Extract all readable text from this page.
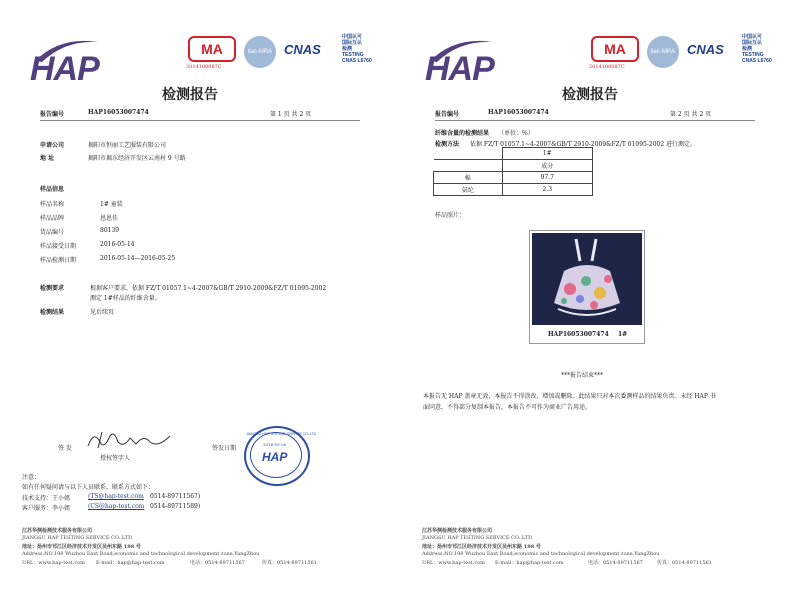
HAP
MA
2014100087C
ilac-MRA CNAS
中国认可
国际互认
检测
TESTING
CNAS L6760
检测报告
报告编号	HAP16053007474	第 1 页 共 2 页
申请公司	揭阳市恒丽工艺服装有限公司
地 址	揭阳市揭东经济开发区云南村 9 号路
样品信息
样品名称	1# 童装
样品品牌	恩恩佳
货品编号	80139
样品接受日期	2016-05-14
样品检测日期	2016-05-14—2016-05-25
检测要求	根据客户要求，依据 FZ/T 01057.1~4-2007&GB/T 2910-2009&FZ/T 01095-2002
测定 1#样品的纤维含量。
检测结果	见后续页
签 发
授权签字人
签发日期
JIANGSU HAP TESTING SERVICE CO.,LTD
2016-05-26
HAP
注意：
如有任何疑问请与以下人员联系，联系方式如下：
技术支持：王小姐	(TS@hap-test.com 0514-89711567)
客户服务：李小姐	(CS@hap-test.com 0514-89711589)
江苏华测检测技术服务有限公司
JIANGSU HAP TESTING SERVICE CO.,LTD
地址：扬州市邗江区经济技术开发区吴州东路 198 号
Address:NO.198 Wuzhou East Road,economic and technological development zone,YangZhou
URL：www.hap-test.com E-mail：hap@hap-test.com	电话：0514-89711567	传真：0514-89711561
HAP
MA
2014100087C
ilac-MRA CNAS
中国认可
国际互认
检测
TESTING
CNAS L6760
检测报告
报告编号	HAP16053007474	第 2 页 共 2 页
纤维含量的检测结果 （单位：%）
检测方法 依据 FZ/T 01057.1~4-2007&GB/T 2910-2009&FZ/T 01095-2002 进行测定。
	1#
	成分
棉	97.7
氨纶	2.3
样品照片：
HAP16053007474 1#
***报告结束***
本报告无 HAP 盖章无效，本报告不得涂改，增加或删除。此结果只对本次委测样品的结果负责。未经 HAP 书
面同意，不得部分复制本报告，本报告不可作为商业广告用途。
江苏华测检测技术服务有限公司
JIANGSU HAP TESTING SERVICE CO.,LTD
地址：扬州市邗江区经济技术开发区吴州东路 198 号
Address:NO.198 Wuzhou East Road,economic and technological development zone,YangZhou
URL：www.hap-test.com E-mail：hap@hap-test.com	电话：0514-89711567	传真：0514-89711561
